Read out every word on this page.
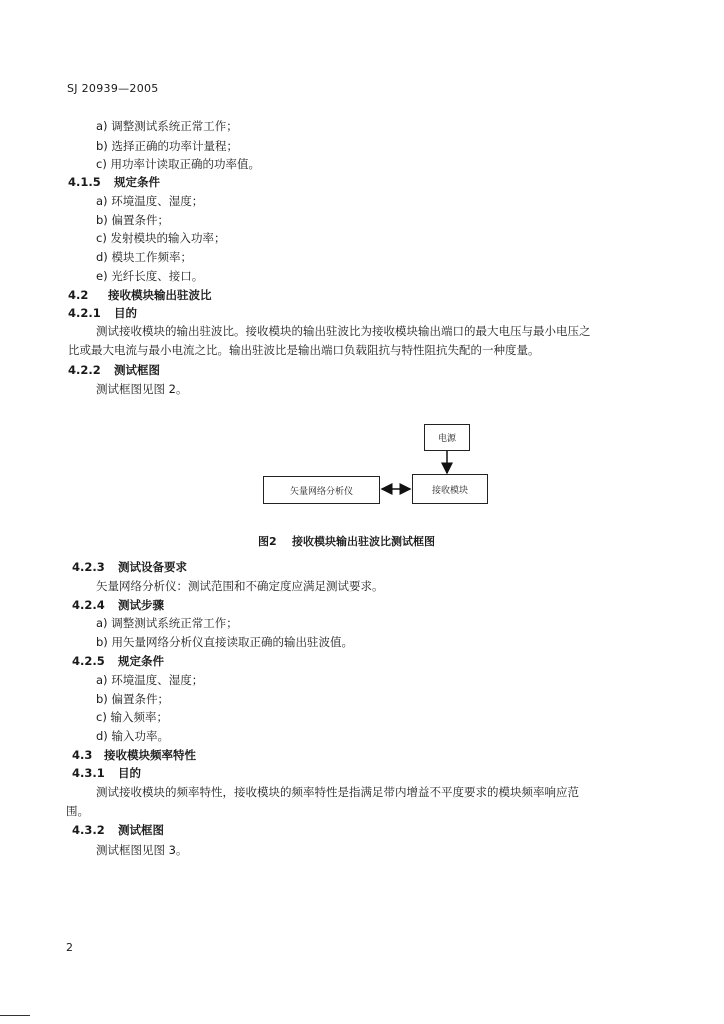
SJ 20939—2005
a) 调整测试系统正常工作；
b) 选择正确的功率计量程；
c) 用功率计读取正确的功率值。
4.1.5 规定条件
a) 环境温度、湿度；
b) 偏置条件；
c) 发射模块的输入功率；
d) 模块工作频率；
e) 光纤长度、接口。
4.2 接收模块输出驻波比
4.2.1 目的
测试接收模块的输出驻波比。接收模块的输出驻波比为接收模块输出端口的最大电压与最小电压之
比或最大电流与最小电流之比。输出驻波比是输出端口负载阻抗与特性阻抗失配的一种度量。
4.2.2 测试框图
测试框图见图 2。
电源
矢量网络分析仪	接收模块
图2    接收模块输出驻波比测试框图
4.2.3 测试设备要求
矢量网络分析仪：测试范围和不确定度应满足测试要求。
4.2.4 测试步骤
a) 调整测试系统正常工作；
b) 用矢量网络分析仪直接读取正确的输出驻波值。
4.2.5 规定条件
a) 环境温度、湿度；
b) 偏置条件；
c) 输入频率；
d) 输入功率。
4.3 接收模块频率特性
4.3.1 目的
测试接收模块的频率特性，接收模块的频率特性是指满足带内增益不平度要求的模块频率响应范
围。
4.3.2 测试框图
测试框图见图 3。
2
